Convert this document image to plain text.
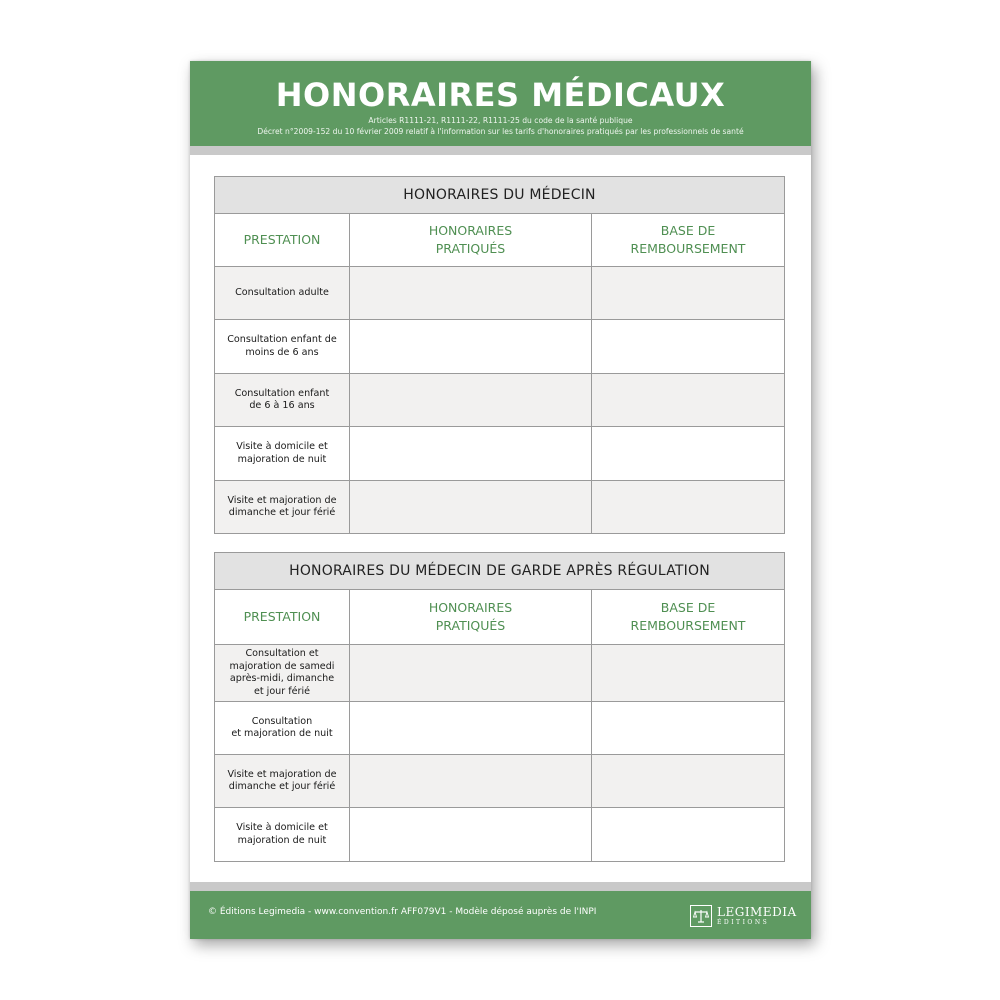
HONORAIRES MÉDICAUX
Articles R1111-21, R1111-22, R1111-25 du code de la santé publique
Décret n°2009-152 du 10 février 2009 relatif à l'information sur les tarifs d'honoraires pratiqués par les professionnels de santé
HONORAIRES DU MÉDECIN
PRESTATION
HONORAIRES
PRATIQUÉS
BASE DE
REMBOURSEMENT
Consultation adulte
Consultation enfant de
moins de 6 ans
Consultation enfant
de 6 à 16 ans
Visite à domicile et
majoration de nuit
Visite et majoration de
dimanche et jour férié
HONORAIRES DU MÉDECIN DE GARDE APRÈS RÉGULATION
PRESTATION
HONORAIRES
PRATIQUÉS
BASE DE
REMBOURSEMENT
Consultation et
majoration de samedi
après-midi, dimanche
et jour férié
Consultation
et majoration de nuit
Visite et majoration de
dimanche et jour férié
Visite à domicile et
majoration de nuit
© Éditions Legimedia - www.convention.fr AFF079V1 - Modèle déposé auprès de l'INPI	LEGIMEDIA
ÉDITIONS
